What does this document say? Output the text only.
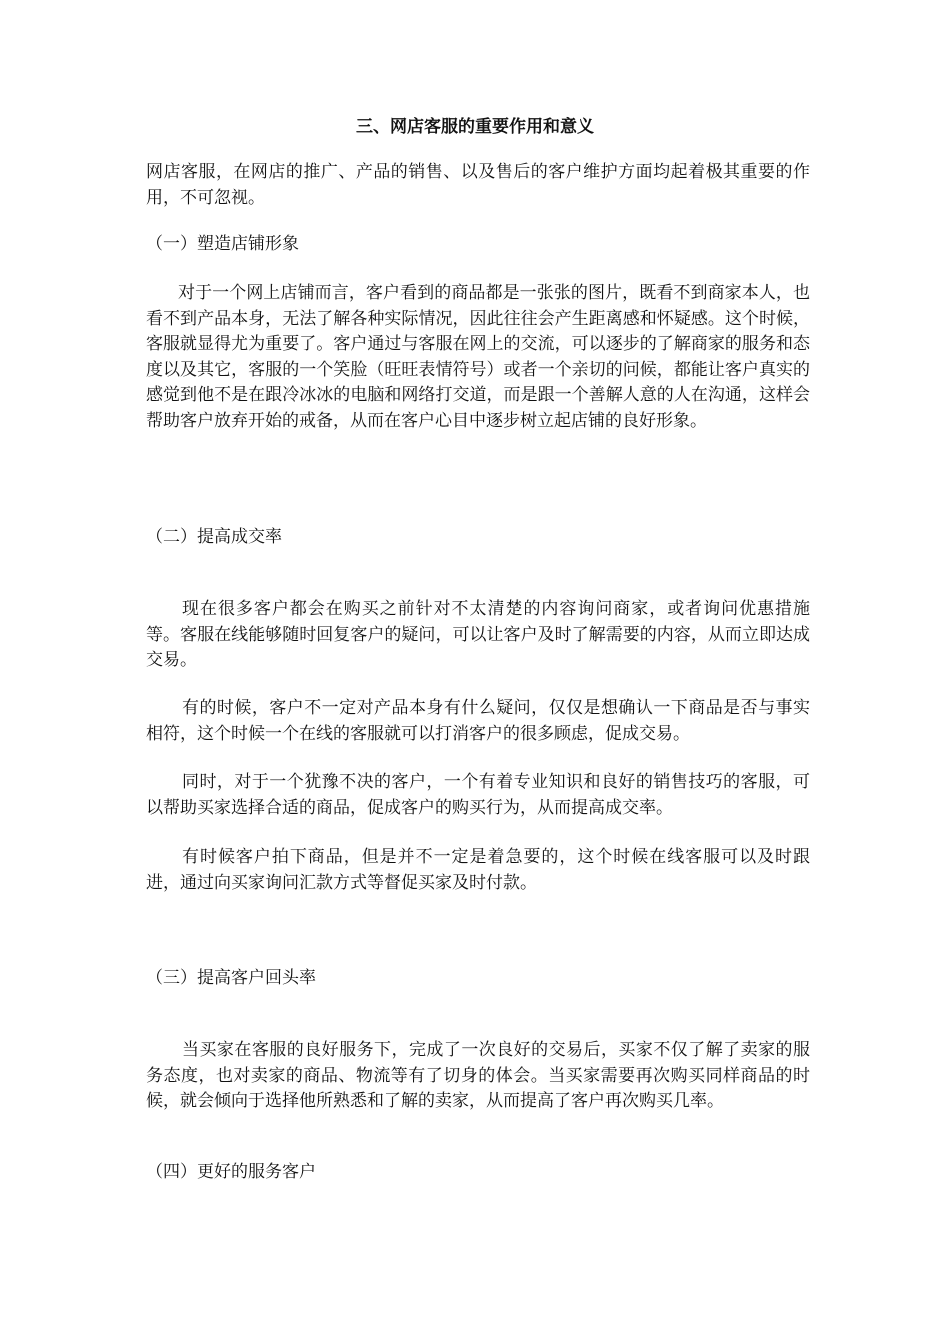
三、网店客服的重要作用和意义
网店客服，在网店的推广、产品的销售、以及售后的客户维护方面均起着极其重要的作用，不可忽视。
（一）塑造店铺形象
对于一个网上店铺而言，客户看到的商品都是一张张的图片，既看不到商家本人，也看不到产品本身，无法了解各种实际情况，因此往往会产生距离感和怀疑感。这个时候，客服就显得尤为重要了。客户通过与客服在网上的交流，可以逐步的了解商家的服务和态度以及其它，客服的一个笑脸（旺旺表情符号）或者一个亲切的问候，都能让客户真实的感觉到他不是在跟冷冰冰的电脑和网络打交道，而是跟一个善解人意的人在沟通，这样会帮助客户放弃开始的戒备，从而在客户心目中逐步树立起店铺的良好形象。
（二）提高成交率
现在很多客户都会在购买之前针对不太清楚的内容询问商家，或者询问优惠措施等。客服在线能够随时回复客户的疑问，可以让客户及时了解需要的内容，从而立即达成交易。
有的时候，客户不一定对产品本身有什么疑问，仅仅是想确认一下商品是否与事实相符，这个时候一个在线的客服就可以打消客户的很多顾虑，促成交易。
同时，对于一个犹豫不决的客户，一个有着专业知识和良好的销售技巧的客服，可以帮助买家选择合适的商品，促成客户的购买行为，从而提高成交率。
有时候客户拍下商品，但是并不一定是着急要的，这个时候在线客服可以及时跟进，通过向买家询问汇款方式等督促买家及时付款。
（三）提高客户回头率
当买家在客服的良好服务下，完成了一次良好的交易后，买家不仅了解了卖家的服务态度，也对卖家的商品、物流等有了切身的体会。当买家需要再次购买同样商品的时候，就会倾向于选择他所熟悉和了解的卖家，从而提高了客户再次购买几率。
（四）更好的服务客户
